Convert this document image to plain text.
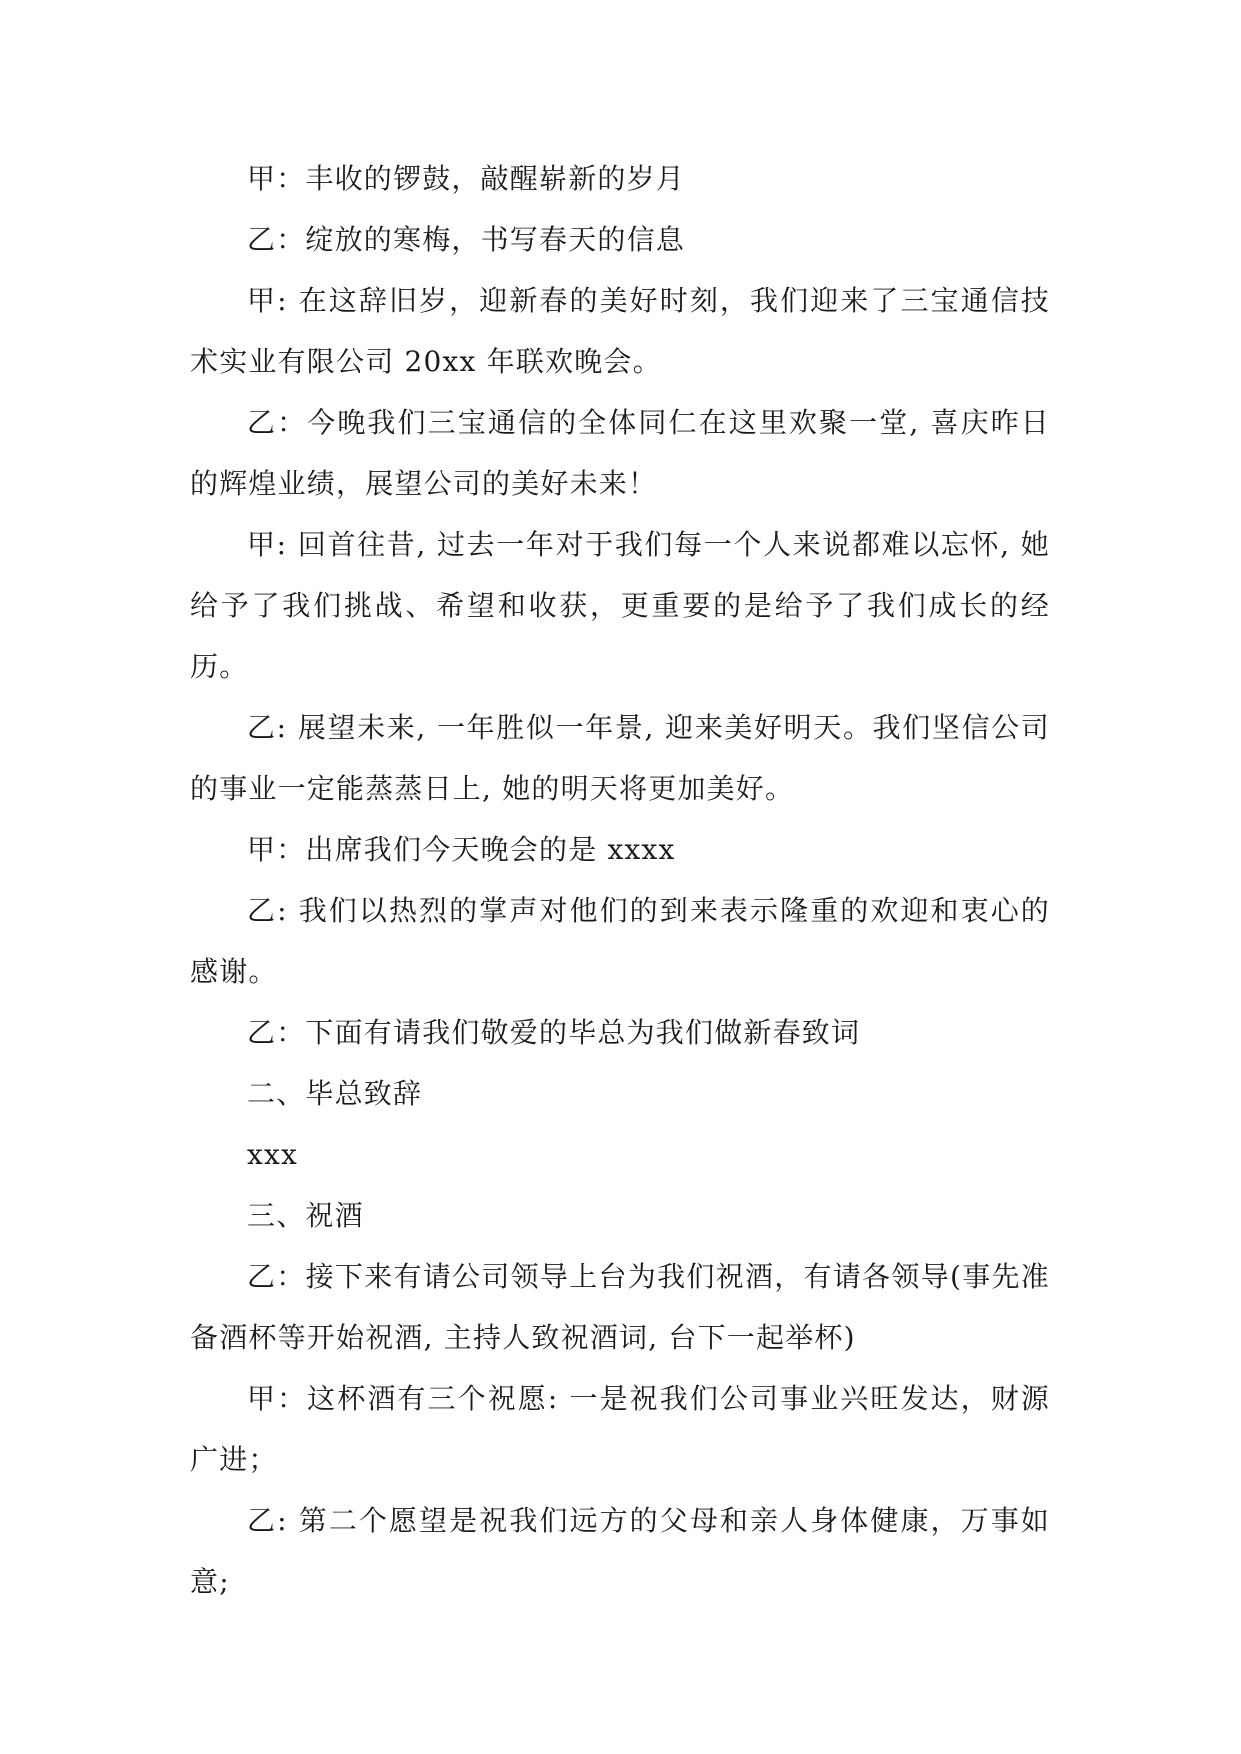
甲：丰收的锣鼓，敲醒崭新的岁月

乙：绽放的寒梅，书写春天的信息

甲: 在这辞旧岁，迎新春的美好时刻，我们迎来了三宝通信技术实业有限公司 20xx 年联欢晚会。

乙：今晚我们三宝通信的全体同仁在这里欢聚一堂, 喜庆昨日的辉煌业绩，展望公司的美好未来！

甲: 回首往昔, 过去一年对于我们每一个人来说都难以忘怀, 她给予了我们挑战、希望和收获，更重要的是给予了我们成长的经历。

乙: 展望未来, 一年胜似一年景, 迎来美好明天。我们坚信公司的事业一定能蒸蒸日上, 她的明天将更加美好。

甲：出席我们今天晚会的是 xxxx

乙: 我们以热烈的掌声对他们的到来表示隆重的欢迎和衷心的感谢。

乙：下面有请我们敬爱的毕总为我们做新春致词

二、毕总致辞

xxx

三、祝酒

乙：接下来有请公司领导上台为我们祝酒，有请各领导(事先准备酒杯等开始祝酒, 主持人致祝酒词, 台下一起举杯)

甲：这杯酒有三个祝愿: 一是祝我们公司事业兴旺发达，财源广进；

乙: 第二个愿望是祝我们远方的父母和亲人身体健康，万事如意;
